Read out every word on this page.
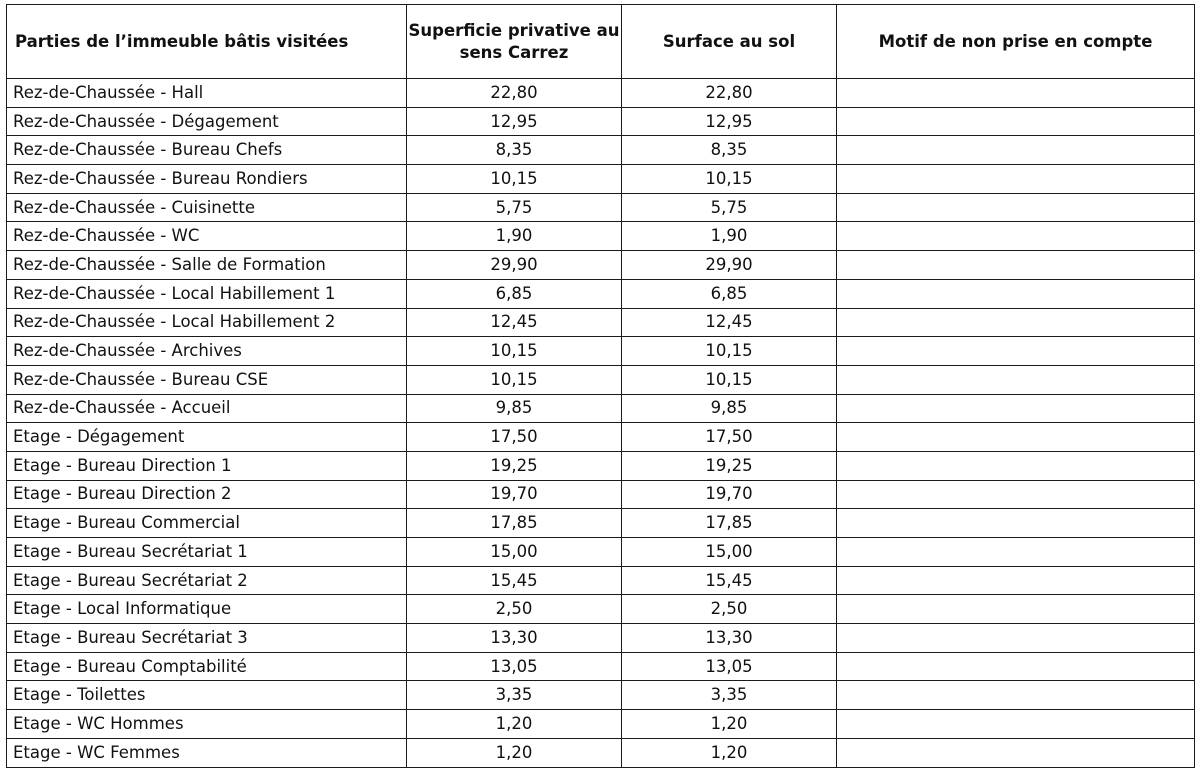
Parties de l’immeuble bâtis visitées	Superficie privative au sens Carrez	Surface au sol	Motif de non prise en compte
Rez-de-Chaussée - Hall	22,80	22,80	
Rez-de-Chaussée - Dégagement	12,95	12,95	
Rez-de-Chaussée - Bureau Chefs	8,35	8,35	
Rez-de-Chaussée - Bureau Rondiers	10,15	10,15	
Rez-de-Chaussée - Cuisinette	5,75	5,75	
Rez-de-Chaussée - WC	1,90	1,90	
Rez-de-Chaussée - Salle de Formation	29,90	29,90	
Rez-de-Chaussée - Local Habillement 1	6,85	6,85	
Rez-de-Chaussée - Local Habillement 2	12,45	12,45	
Rez-de-Chaussée - Archives	10,15	10,15	
Rez-de-Chaussée - Bureau CSE	10,15	10,15	
Rez-de-Chaussée - Accueil	9,85	9,85	
Etage - Dégagement	17,50	17,50	
Etage - Bureau Direction 1	19,25	19,25	
Etage - Bureau Direction 2	19,70	19,70	
Etage - Bureau Commercial	17,85	17,85	
Etage - Bureau Secrétariat 1	15,00	15,00	
Etage - Bureau Secrétariat 2	15,45	15,45	
Etage - Local Informatique	2,50	2,50	
Etage - Bureau Secrétariat 3	13,30	13,30	
Etage - Bureau Comptabilité	13,05	13,05	
Etage - Toilettes	3,35	3,35	
Etage - WC Hommes	1,20	1,20	
Etage - WC Femmes	1,20	1,20	
